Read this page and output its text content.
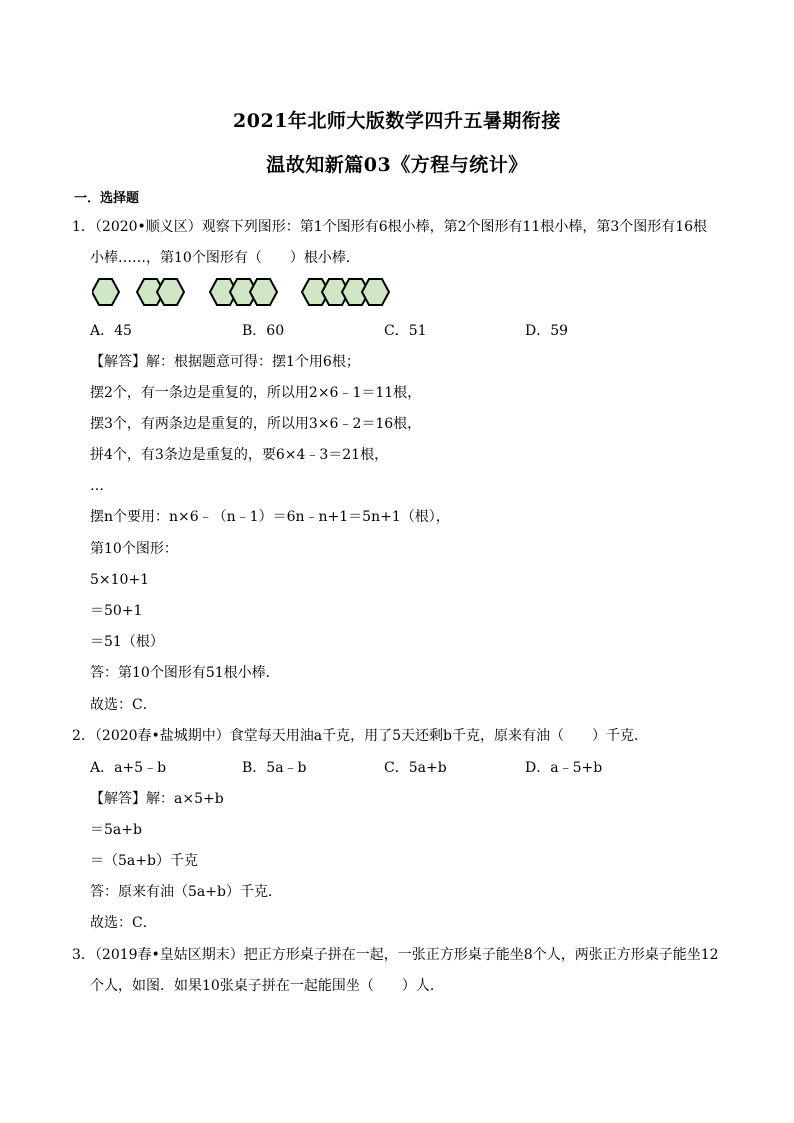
2021年北师大版数学四升五暑期衔接
温故知新篇03《方程与统计》
一．选择题
1．（2020•顺义区）观察下列图形：第1个图形有6根小棒，第2个图形有11根小棒，第3个图形有16根
小棒……，第10个图形有（　　）根小棒．
A．45	B．60	C．51	D．59
【解答】解：根据题意可得：摆1个用6根；
摆2个，有一条边是重复的，所以用2×6﹣1＝11根，
摆3个，有两条边是重复的，所以用3×6﹣2＝16根，
拼4个，有3条边是重复的，要6×4﹣3＝21根，
…
摆n个要用：n×6﹣（n﹣1）＝6n﹣n+1＝5n+1（根），
第10个图形：
5×10+1
＝50+1
＝51（根）
答：第10个图形有51根小棒．
故选：C．
2．（2020春•盐城期中）食堂每天用油a千克，用了5天还剩b千克，原来有油（　　）千克．
A．a+5﹣b	B．5a﹣b	C．5a+b	D．a﹣5+b
【解答】解：a×5+b
＝5a+b
＝（5a+b）千克
答：原来有油（5a+b）千克．
故选：C．
3．（2019春•皇姑区期末）把正方形桌子拼在一起，一张正方形桌子能坐8个人，两张正方形桌子能坐12
个人，如图．如果10张桌子拼在一起能围坐（　　）人．
